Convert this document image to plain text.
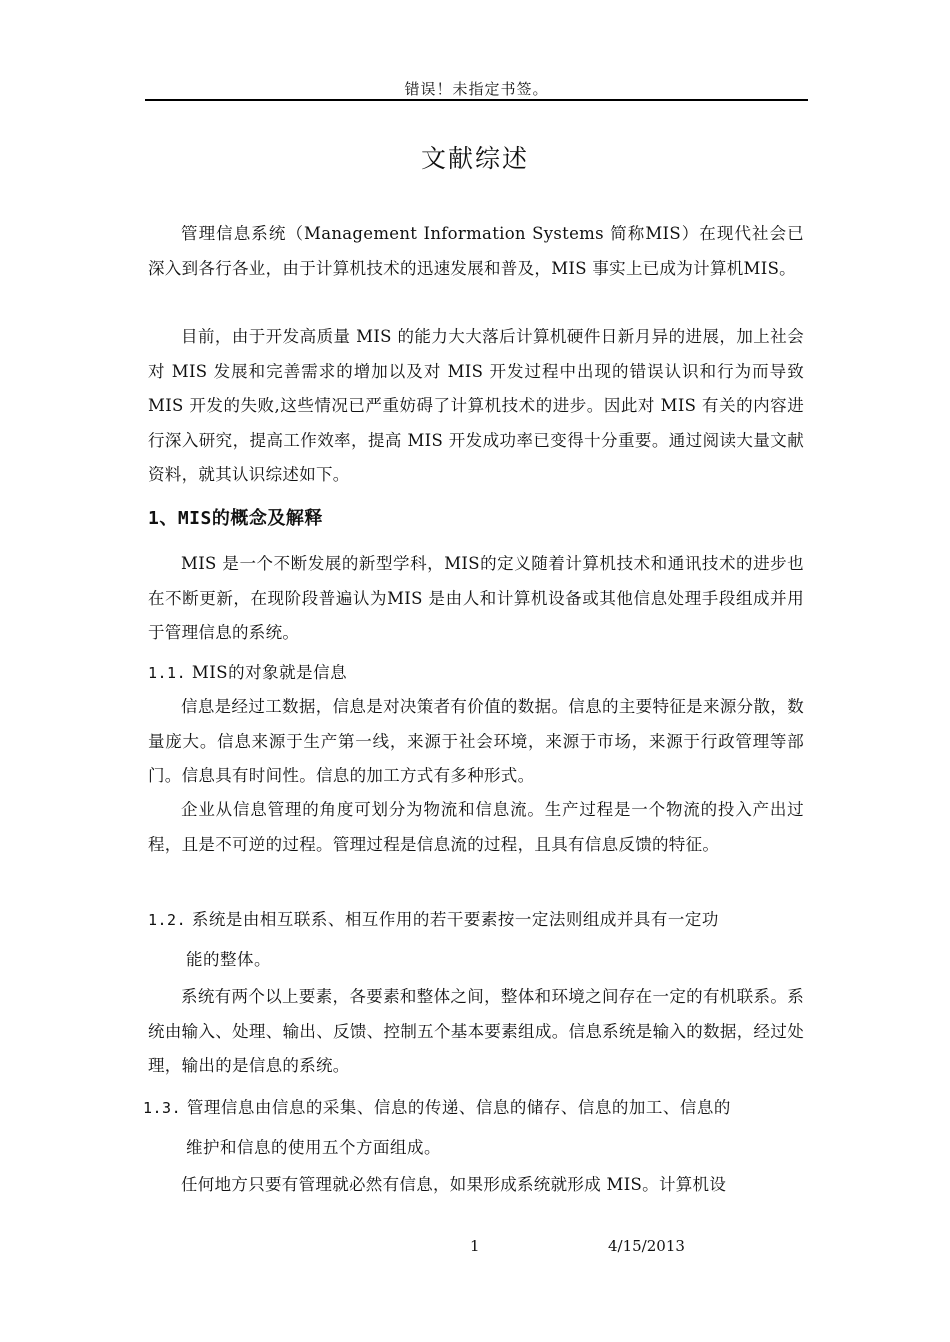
错误！未指定书签。
文献综述
管理信息系统（Management Information Systems 简称MIS）在现代社会已深入到各行各业，由于计算机技术的迅速发展和普及，MIS 事实上已成为计算机MIS。
目前，由于开发高质量 MIS 的能力大大落后计算机硬件日新月异的进展，加上社会对 MIS 发展和完善需求的增加以及对 MIS 开发过程中出现的错误认识和行为而导致 MIS 开发的失败,这些情况已严重妨碍了计算机技术的进步。因此对 MIS 有关的内容进行深入研究，提高工作效率，提高 MIS 开发成功率已变得十分重要。通过阅读大量文献资料，就其认识综述如下。
1、MIS的概念及解释
MIS 是一个不断发展的新型学科，MIS的定义随着计算机技术和通讯技术的进步也在不断更新，在现阶段普遍认为MIS 是由人和计算机设备或其他信息处理手段组成并用于管理信息的系统。
1.1. MIS的对象就是信息
信息是经过工数据，信息是对决策者有价值的数据。信息的主要特征是来源分散，数量庞大。信息来源于生产第一线，来源于社会环境，来源于市场，来源于行政管理等部门。信息具有时间性。信息的加工方式有多种形式。
企业从信息管理的角度可划分为物流和信息流。生产过程是一个物流的投入产出过程，且是不可逆的过程。管理过程是信息流的过程，且具有信息反馈的特征。
1.2. 系统是由相互联系、相互作用的若干要素按一定法则组成并具有一定功
能的整体。
系统有两个以上要素，各要素和整体之间，整体和环境之间存在一定的有机联系。系统由输入、处理、输出、反馈、控制五个基本要素组成。信息系统是输入的数据，经过处理，输出的是信息的系统。
1.3. 管理信息由信息的采集、信息的传递、信息的储存、信息的加工、信息的
维护和信息的使用五个方面组成。
任何地方只要有管理就必然有信息，如果形成系统就形成 MIS。计算机设
1	4/15/2013
